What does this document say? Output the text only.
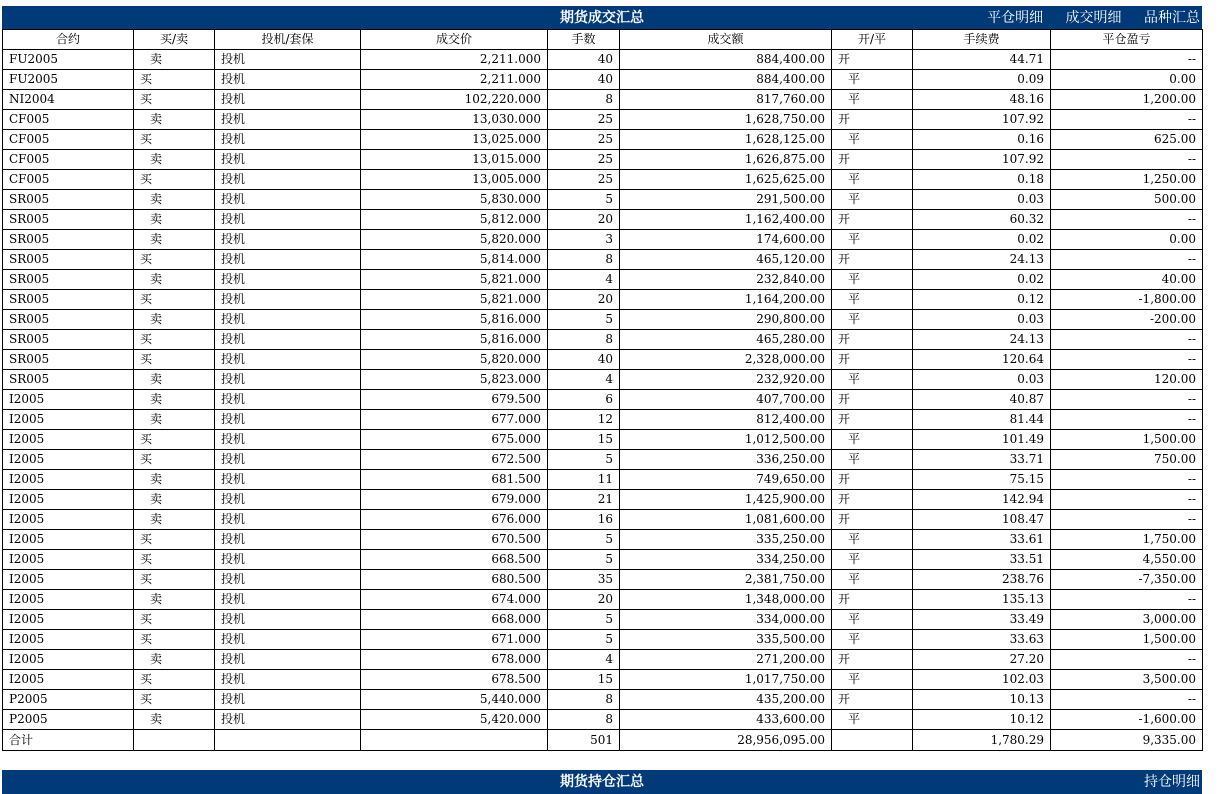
期货成交汇总	平仓明细 成交明细 品种汇总
合约	买/卖	投机/套保	成交价	手数	成交额	开/平	手续费	平仓盈亏
FU2005	卖	投机	2,211.000	40	884,400.00	开	44.71	--
FU2005	买	投机	2,211.000	40	884,400.00	平	0.09	0.00
NI2004	买	投机	102,220.000	8	817,760.00	平	48.16	1,200.00
CF005	卖	投机	13,030.000	25	1,628,750.00	开	107.92	--
CF005	买	投机	13,025.000	25	1,628,125.00	平	0.16	625.00
CF005	卖	投机	13,015.000	25	1,626,875.00	开	107.92	--
CF005	买	投机	13,005.000	25	1,625,625.00	平	0.18	1,250.00
SR005	卖	投机	5,830.000	5	291,500.00	平	0.03	500.00
SR005	卖	投机	5,812.000	20	1,162,400.00	开	60.32	--
SR005	卖	投机	5,820.000	3	174,600.00	平	0.02	0.00
SR005	买	投机	5,814.000	8	465,120.00	开	24.13	--
SR005	卖	投机	5,821.000	4	232,840.00	平	0.02	40.00
SR005	买	投机	5,821.000	20	1,164,200.00	平	0.12	-1,800.00
SR005	卖	投机	5,816.000	5	290,800.00	平	0.03	-200.00
SR005	买	投机	5,816.000	8	465,280.00	开	24.13	--
SR005	买	投机	5,820.000	40	2,328,000.00	开	120.64	--
SR005	卖	投机	5,823.000	4	232,920.00	平	0.03	120.00
I2005	卖	投机	679.500	6	407,700.00	开	40.87	--
I2005	卖	投机	677.000	12	812,400.00	开	81.44	--
I2005	买	投机	675.000	15	1,012,500.00	平	101.49	1,500.00
I2005	买	投机	672.500	5	336,250.00	平	33.71	750.00
I2005	卖	投机	681.500	11	749,650.00	开	75.15	--
I2005	卖	投机	679.000	21	1,425,900.00	开	142.94	--
I2005	卖	投机	676.000	16	1,081,600.00	开	108.47	--
I2005	买	投机	670.500	5	335,250.00	平	33.61	1,750.00
I2005	买	投机	668.500	5	334,250.00	平	33.51	4,550.00
I2005	买	投机	680.500	35	2,381,750.00	平	238.76	-7,350.00
I2005	卖	投机	674.000	20	1,348,000.00	开	135.13	--
I2005	买	投机	668.000	5	334,000.00	平	33.49	3,000.00
I2005	买	投机	671.000	5	335,500.00	平	33.63	1,500.00
I2005	卖	投机	678.000	4	271,200.00	开	27.20	--
I2005	买	投机	678.500	15	1,017,750.00	平	102.03	3,500.00
P2005	买	投机	5,440.000	8	435,200.00	开	10.13	--
P2005	卖	投机	5,420.000	8	433,600.00	平	10.12	-1,600.00
合计				501	28,956,095.00		1,780.29	9,335.00
期货持仓汇总	持仓明细
